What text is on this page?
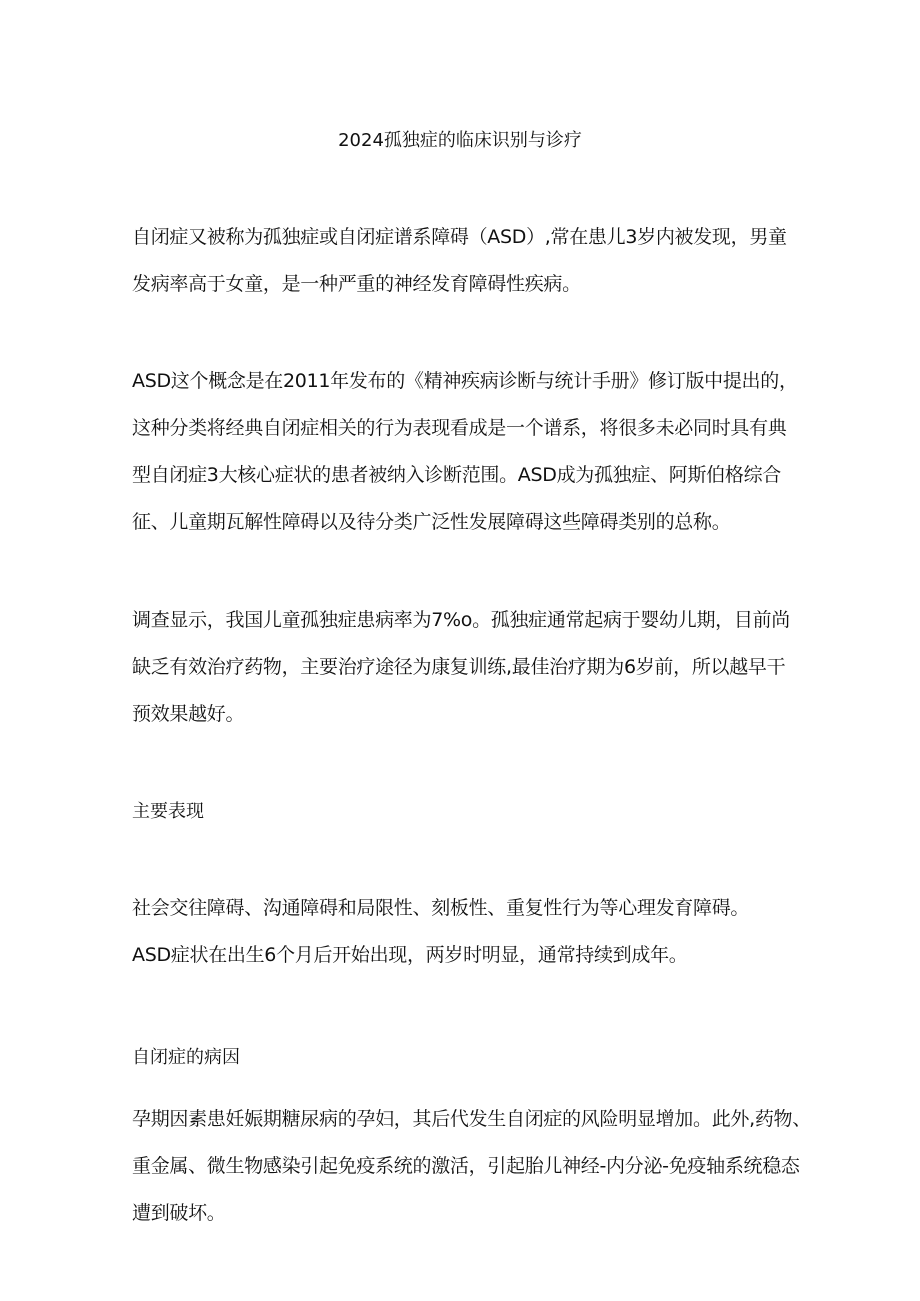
2024孤独症的临床识别与诊疗
自闭症又被称为孤独症或自闭症谱系障碍（ASD）,常在患儿3岁内被发现，男童
发病率高于女童，是一种严重的神经发育障碍性疾病。
ASD这个概念是在2011年发布的《精神疾病诊断与统计手册》修订版中提出的，
这种分类将经典自闭症相关的行为表现看成是一个谱系，将很多未必同时具有典
型自闭症3大核心症状的患者被纳入诊断范围。ASD成为孤独症、阿斯伯格综合
征、儿童期瓦解性障碍以及待分类广泛性发展障碍这些障碍类别的总称。
调查显示，我国儿童孤独症患病率为7%o。孤独症通常起病于婴幼儿期，目前尚
缺乏有效治疗药物，主要治疗途径为康复训练,最佳治疗期为6岁前，所以越早干
预效果越好。
主要表现
社会交往障碍、沟通障碍和局限性、刻板性、重复性行为等心理发育障碍。
ASD症状在出生6个月后开始出现，两岁时明显，通常持续到成年。
自闭症的病因
孕期因素患妊娠期糖尿病的孕妇，其后代发生自闭症的风险明显增加。此外,药物、
重金属、微生物感染引起免疫系统的激活，引起胎儿神经-内分泌-免疫轴系统稳态
遭到破坏。
